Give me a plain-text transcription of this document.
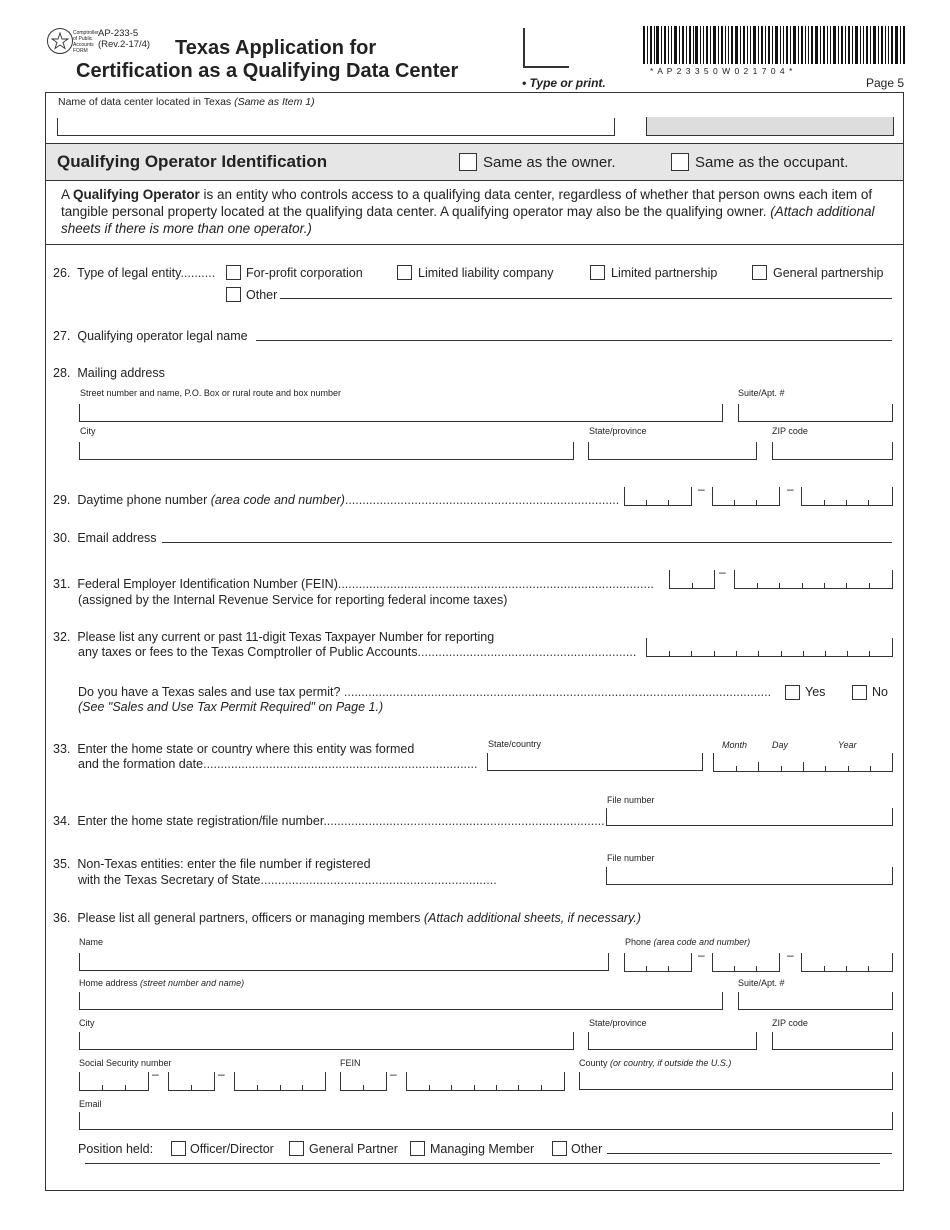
Comptroller of Public Accounts FORM
AP-233-5
(Rev.2-17/4) Texas Application for
Certification as a Qualifying Data Center
• Type or print.
* A P 2 3 3 5 0 W 0 2 1 7 0 4 *
Page 5
Name of data center located in Texas (Same as Item 1)
Qualifying Operator Identification	Same as the owner.	Same as the occupant.
A Qualifying Operator is an entity who controls access to a qualifying data center, regardless of whether that person owns each item of tangible personal property located at the qualifying data center. A qualifying operator may also be the qualifying owner. (Attach additional sheets if there is more than one operator.)
26. Type of legal entity.......... For-profit corporation	Limited liability company	Limited partnership	General partnership
Other
27. Qualifying operator legal name
28. Mailing address
Street number and name, P.O. Box or rural route and box number	Suite/Apt. #
City	State/province	ZIP code
29. Daytime phone number (area code and number)...............................................................................
–	–
30. Email address
31. Federal Employer Identification Number (FEIN)...........................................................................................
(assigned by the Internal Revenue Service for reporting federal income taxes)
–
32. Please list any current or past 11-digit Texas Taxpayer Number for reporting
any taxes or fees to the Texas Comptroller of Public Accounts...............................................................
Do you have a Texas sales and use tax permit? ...........................................................................................................................
(See "Sales and Use Tax Permit Required" on Page 1.)
Yes	No
33. Enter the home state or country where this entity was formed
and the formation date...............................................................................
State/country	Month	Day	Year
File number
34. Enter the home state registration/file number.................................................................................
File number
35. Non-Texas entities: enter the file number if registered
with the Texas Secretary of State....................................................................
36. Please list all general partners, officers or managing members (Attach additional sheets, if necessary.)
Name	Phone (area code and number)
–	–
Home address (street number and name)	Suite/Apt. #
City	State/province	ZIP code
Social Security number	FEIN	County (or country, if outside the U.S.)
–	–	–
Email
Position held:	Officer/Director	General Partner	Managing Member	Other
